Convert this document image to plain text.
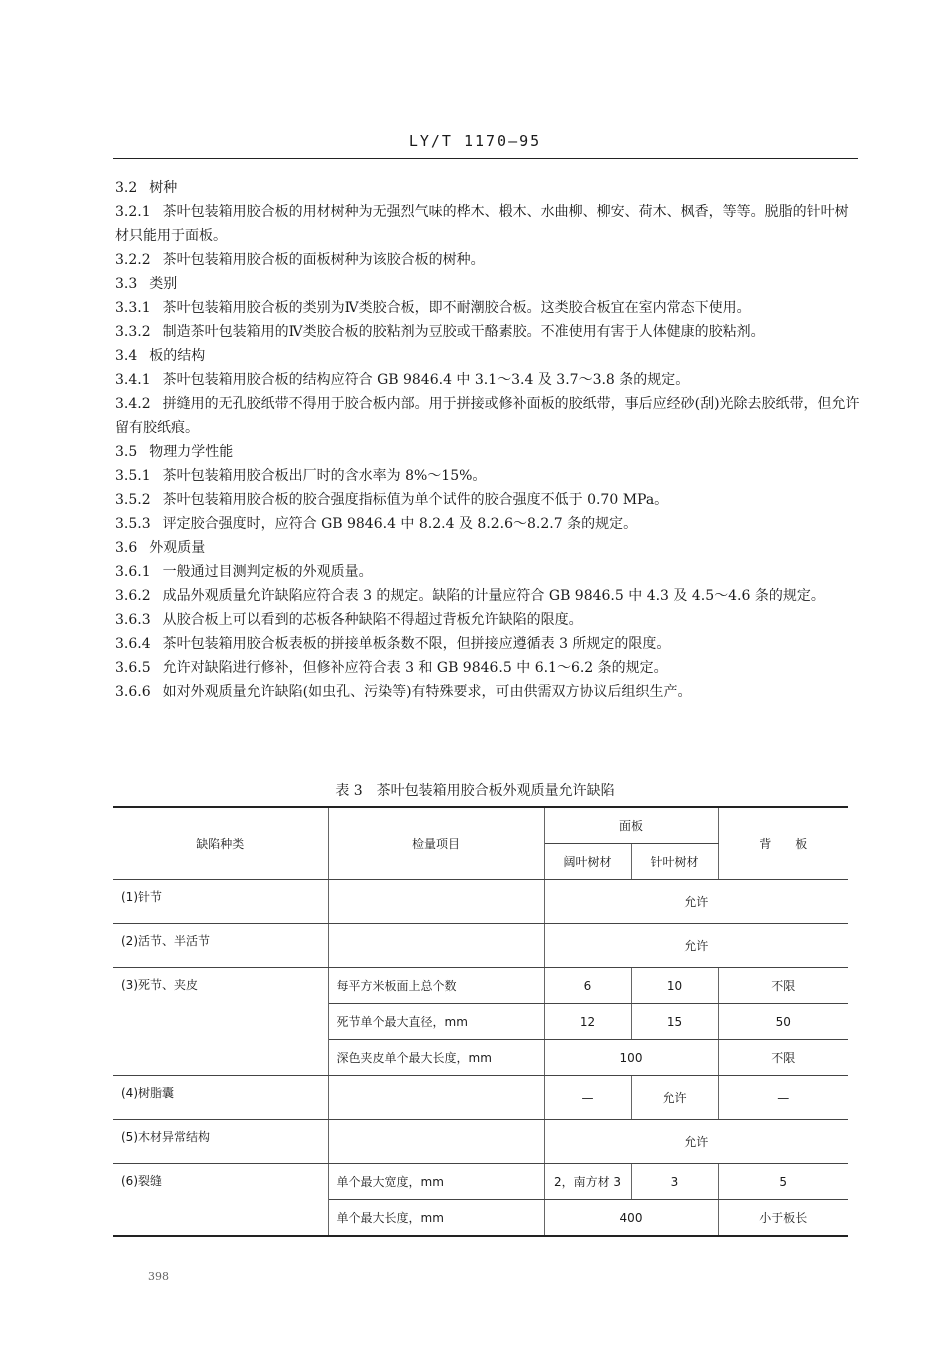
LY/T 1170—95

3.2 树种

3.2.1 茶叶包装箱用胶合板的用材树种为无强烈气味的桦木、椴木、水曲柳、柳安、荷木、枫香，等等。脱脂的针叶树材只能用于面板。

3.2.2 茶叶包装箱用胶合板的面板树种为该胶合板的树种。

3.3 类别

3.3.1 茶叶包装箱用胶合板的类别为Ⅳ类胶合板，即不耐潮胶合板。这类胶合板宜在室内常态下使用。

3.3.2 制造茶叶包装箱用的Ⅳ类胶合板的胶粘剂为豆胶或干酪素胶。不准使用有害于人体健康的胶粘剂。

3.4 板的结构

3.4.1 茶叶包装箱用胶合板的结构应符合 GB 9846.4 中 3.1～3.4 及 3.7～3.8 条的规定。

3.4.2 拼缝用的无孔胶纸带不得用于胶合板内部。用于拼接或修补面板的胶纸带，事后应经砂(刮)光除去胶纸带，但允许留有胶纸痕。

3.5 物理力学性能

3.5.1 茶叶包装箱用胶合板出厂时的含水率为 8%～15%。

3.5.2 茶叶包装箱用胶合板的胶合强度指标值为单个试件的胶合强度不低于 0.70 MPa。

3.5.3 评定胶合强度时，应符合 GB 9846.4 中 8.2.4 及 8.2.6～8.2.7 条的规定。

3.6 外观质量

3.6.1 一般通过目测判定板的外观质量。

3.6.2 成品外观质量允许缺陷应符合表 3 的规定。缺陷的计量应符合 GB 9846.5 中 4.3 及 4.5～4.6 条的规定。

3.6.3 从胶合板上可以看到的芯板各种缺陷不得超过背板允许缺陷的限度。

3.6.4 茶叶包装箱用胶合板表板的拼接单板条数不限，但拼接应遵循表 3 所规定的限度。

3.6.5 允许对缺陷进行修补，但修补应符合表 3 和 GB 9846.5 中 6.1～6.2 条的规定。

3.6.6 如对外观质量允许缺陷(如虫孔、污染等)有特殊要求，可由供需双方协议后组织生产。

表 3　茶叶包装箱用胶合板外观质量允许缺陷
缺陷种类	检量项目	面板		背　　板
		阔叶树材	针叶树材	
(1)针节		允许		
(2)活节、半活节		允许		
(3)死节、夹皮	每平方米板面上总个数	6	10	不限
	死节单个最大直径，mm	12	15	50
	深色夹皮单个最大长度，mm	100		不限
(4)树脂囊		—	允许	—
(5)木材异常结构		允许		
(6)裂缝	单个最大宽度，mm	2，南方材 3	3	5
	单个最大长度，mm	400		小于板长
398
